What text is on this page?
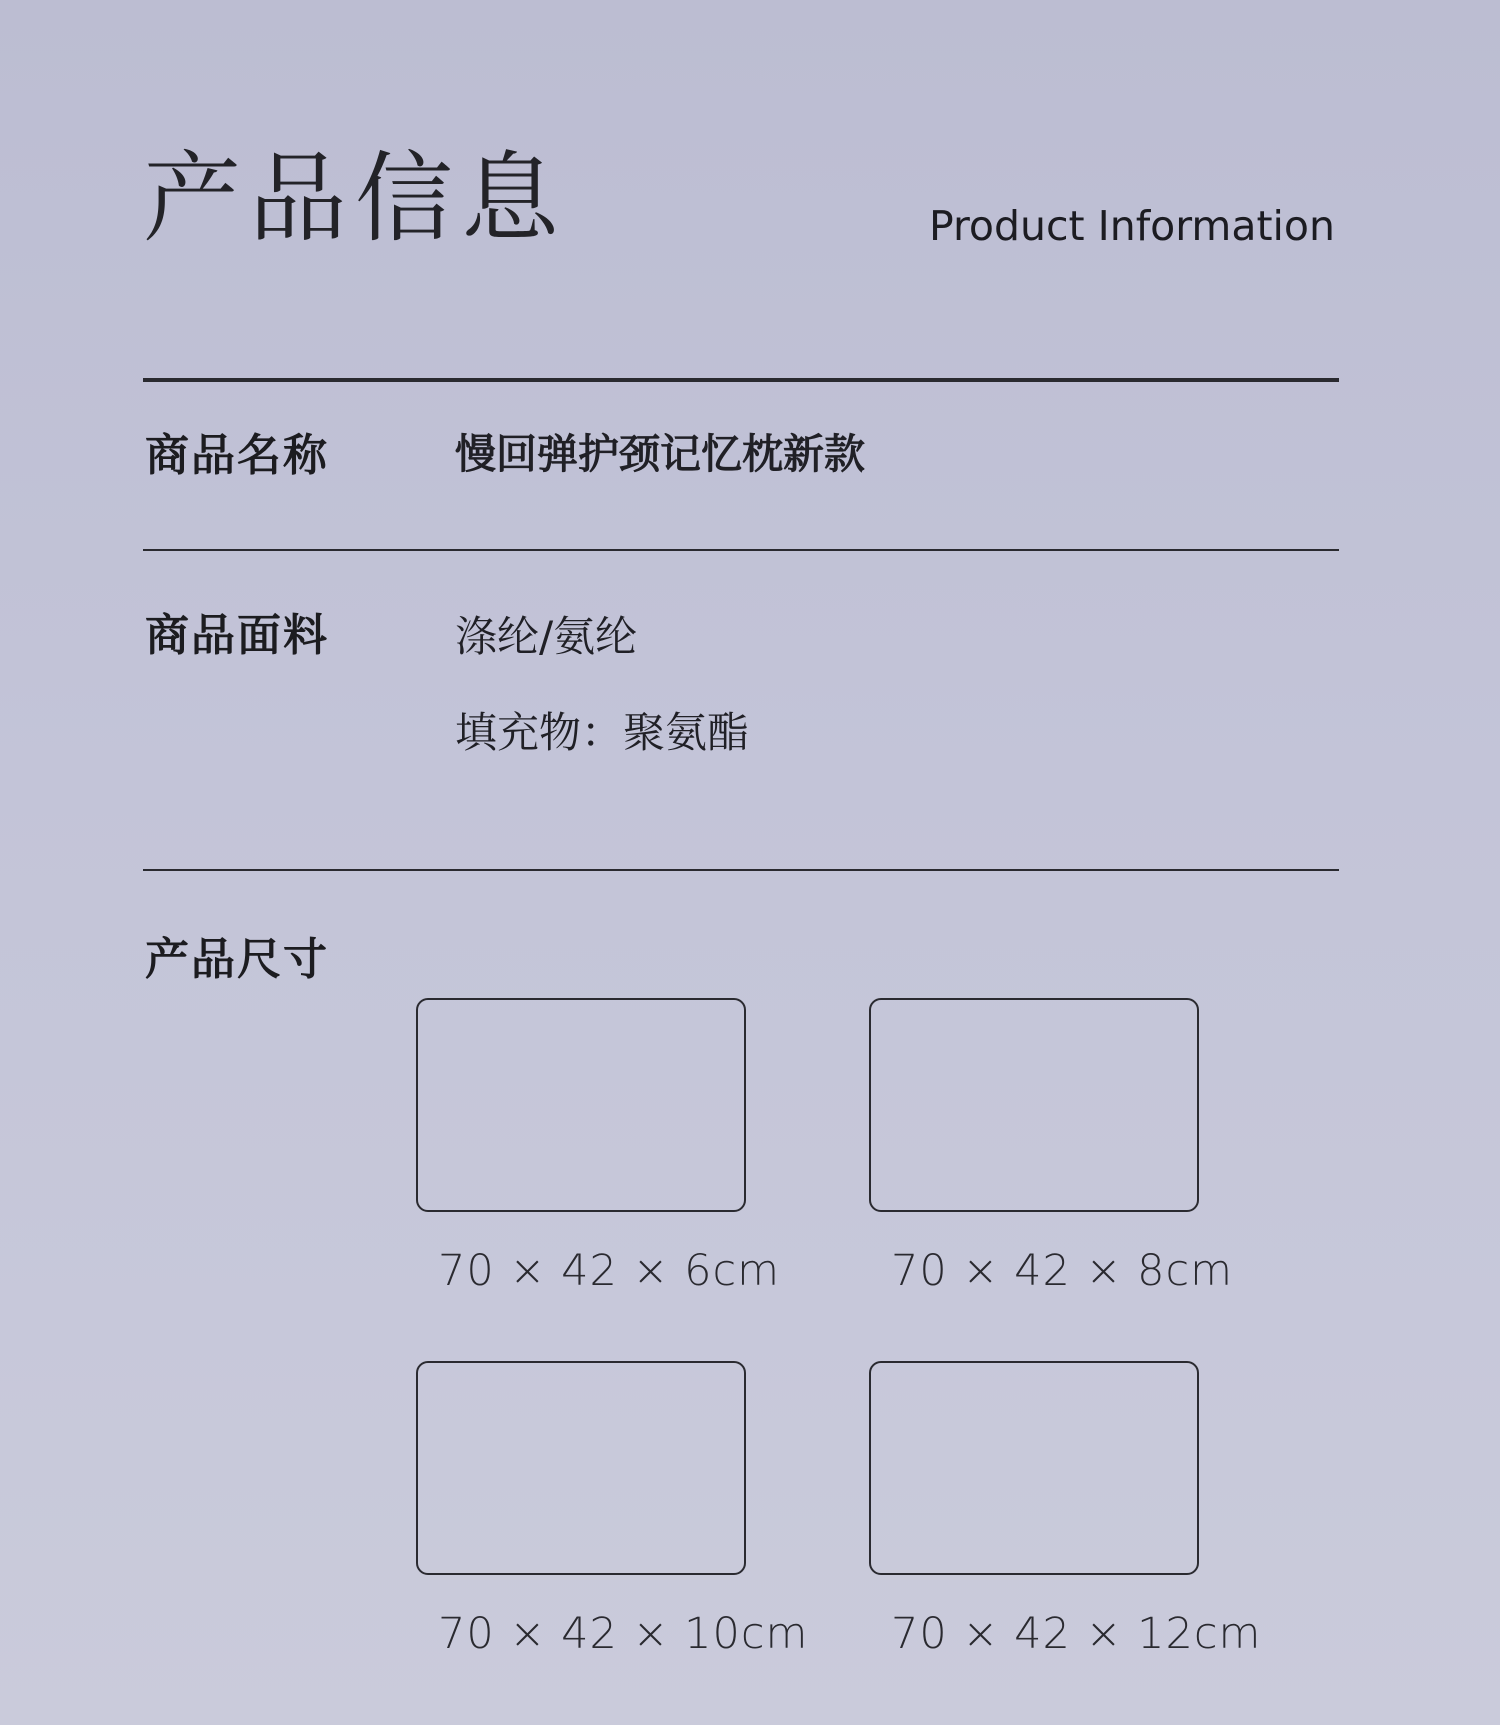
产品信息	Product Information
商品名称	慢回弹护颈记忆枕新款
商品面料	涤纶/氨纶
填充物：聚氨酯
产品尺寸
70 × 42 × 6cm	70 × 42 × 8cm
70 × 42 × 10cm 70 × 42 × 12cm
